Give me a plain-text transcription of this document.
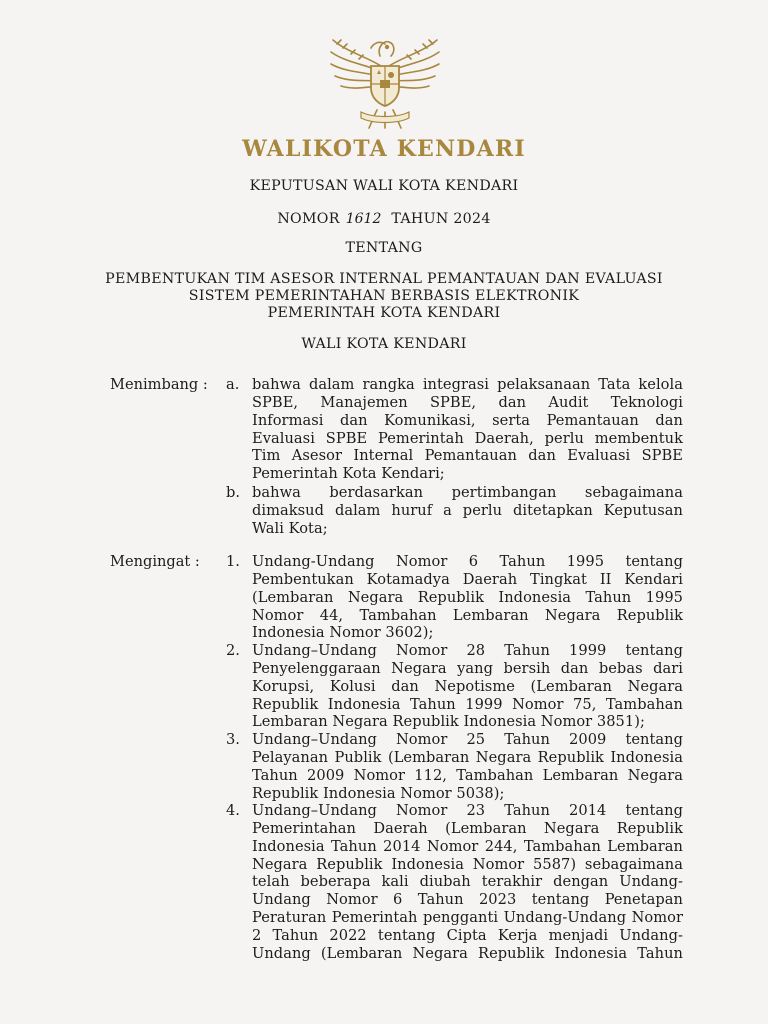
WALIKOTA KENDARI
KEPUTUSAN WALI KOTA KENDARI
NOMOR 1612 TAHUN 2024
TENTANG
PEMBENTUKAN TIM ASESOR INTERNAL PEMANTAUAN DAN EVALUASI
SISTEM PEMERINTAHAN BERBASIS ELEKTRONIK
PEMERINTAH KOTA KENDARI
WALI KOTA KENDARI
Menimbang : a. bahwa dalam rangka integrasi pelaksanaan Tata kelola
SPBE, Manajemen SPBE, dan Audit Teknologi
Informasi dan Komunikasi, serta Pemantauan dan
Evaluasi SPBE Pemerintah Daerah, perlu membentuk
Tim Asesor Internal Pemantauan dan Evaluasi SPBE
Pemerintah Kota Kendari;
b. bahwa berdasarkan pertimbangan sebagaimana
dimaksud dalam huruf a perlu ditetapkan Keputusan
Wali Kota;
Mengingat : 1. Undang-Undang Nomor 6 Tahun 1995 tentang
Pembentukan Kotamadya Daerah Tingkat II Kendari
(Lembaran Negara Republik Indonesia Tahun 1995
Nomor 44, Tambahan Lembaran Negara Republik
Indonesia Nomor 3602);
2. Undang–Undang Nomor 28 Tahun 1999 tentang
Penyelenggaraan Negara yang bersih dan bebas dari
Korupsi, Kolusi dan Nepotisme (Lembaran Negara
Republik Indonesia Tahun 1999 Nomor 75, Tambahan
Lembaran Negara Republik Indonesia Nomor 3851);
3. Undang–Undang Nomor 25 Tahun 2009 tentang
Pelayanan Publik (Lembaran Negara Republik Indonesia
Tahun 2009 Nomor 112, Tambahan Lembaran Negara
Republik Indonesia Nomor 5038);
4. Undang–Undang Nomor 23 Tahun 2014 tentang
Pemerintahan Daerah (Lembaran Negara Republik
Indonesia Tahun 2014 Nomor 244, Tambahan Lembaran
Negara Republik Indonesia Nomor 5587) sebagaimana
telah beberapa kali diubah terakhir dengan Undang-
Undang Nomor 6 Tahun 2023 tentang Penetapan
Peraturan Pemerintah pengganti Undang-Undang Nomor
2 Tahun 2022 tentang Cipta Kerja menjadi Undang-
Undang (Lembaran Negara Republik Indonesia Tahun
